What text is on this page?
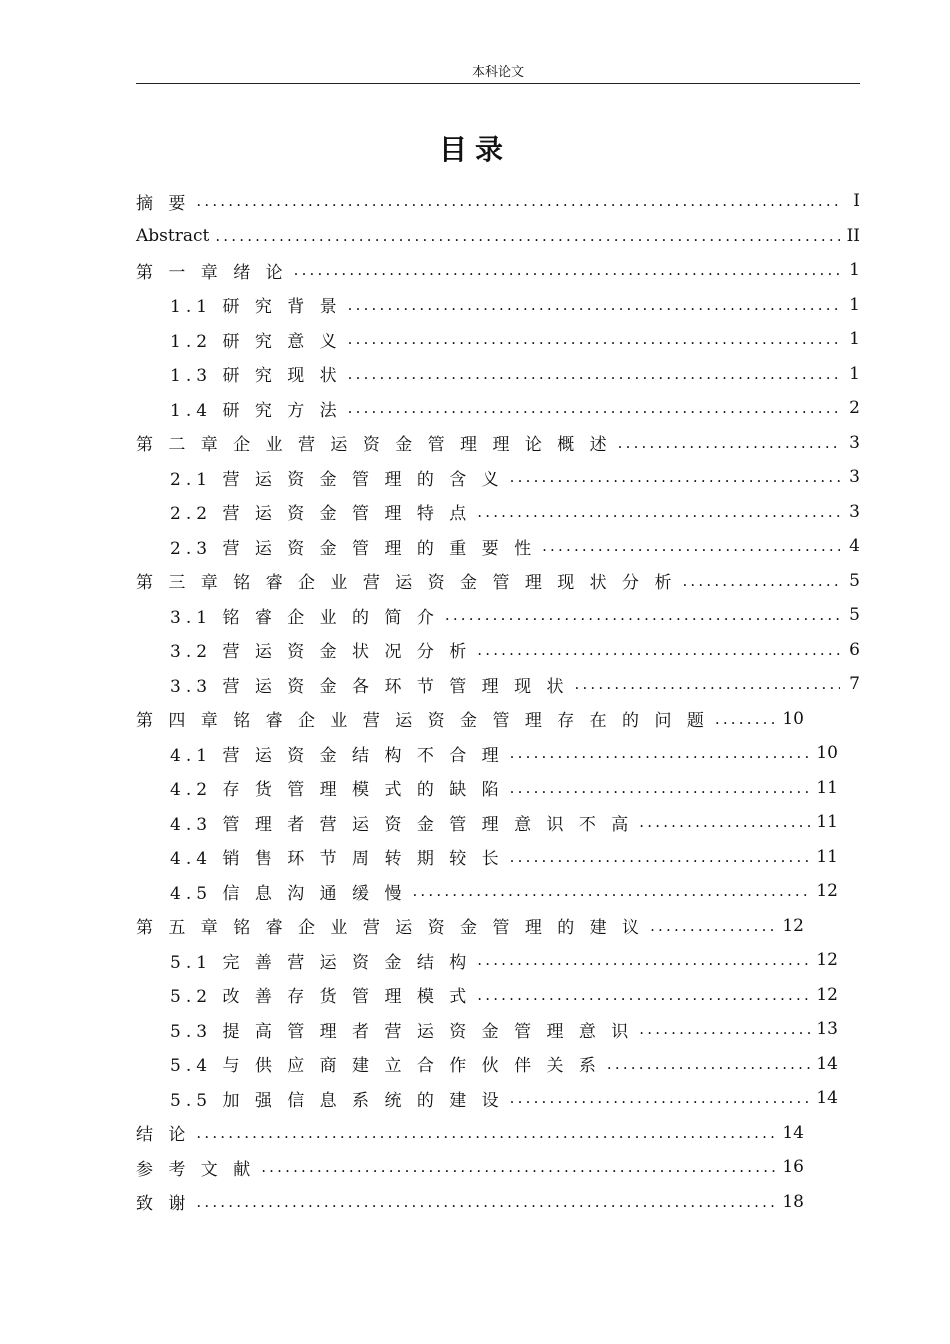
本科论文
目录
摘 要 .....	I
Abstract .....	II
第 一 章 绪 论 .....	1
1.1 研 究 背 景 .....	1
1.2 研 究 意 义 .....	1
1.3 研 究 现 状 .....	1
1.4 研 究 方 法 .....	2
第 二 章 企 业 营 运 资 金 管 理 理 论 概 述 .....	3
2.1 营 运 资 金 管 理 的 含 义 .....	3
2.2 营 运 资 金 管 理 特 点 .....	3
2.3 营 运 资 金 管 理 的 重 要 性 .....	4
第 三 章 铭 睿 企 业 营 运 资 金 管 理 现 状 分 析 .....	5
3.1 铭 睿 企 业 的 简 介 .....	5
3.2 营 运 资 金 状 况 分 析 .....	6
3.3 营 运 资 金 各 环 节 管 理 现 状 .....	7
第 四 章 铭 睿 企 业 营 运 资 金 管 理 存 在 的 问 题 .....	10
4.1 营 运 资 金 结 构 不 合 理 .....	10
4.2 存 货 管 理 模 式 的 缺 陷 .....	11
4.3 管 理 者 营 运 资 金 管 理 意 识 不 高 .....	11
4.4 销 售 环 节 周 转 期 较 长 .....	11
4.5 信 息 沟 通 缓 慢 .....	12
第 五 章 铭 睿 企 业 营 运 资 金 管 理 的 建 议 .....	12
5.1 完 善 营 运 资 金 结 构 .....	12
5.2 改 善 存 货 管 理 模 式 .....	12
5.3 提 高 管 理 者 营 运 资 金 管 理 意 识 .....	13
5.4 与 供 应 商 建 立 合 作 伙 伴 关 系 .....	14
5.5 加 强 信 息 系 统 的 建 设 .....	14
结 论 .....	14
参 考 文 献 .....	16
致 谢 .....	18
